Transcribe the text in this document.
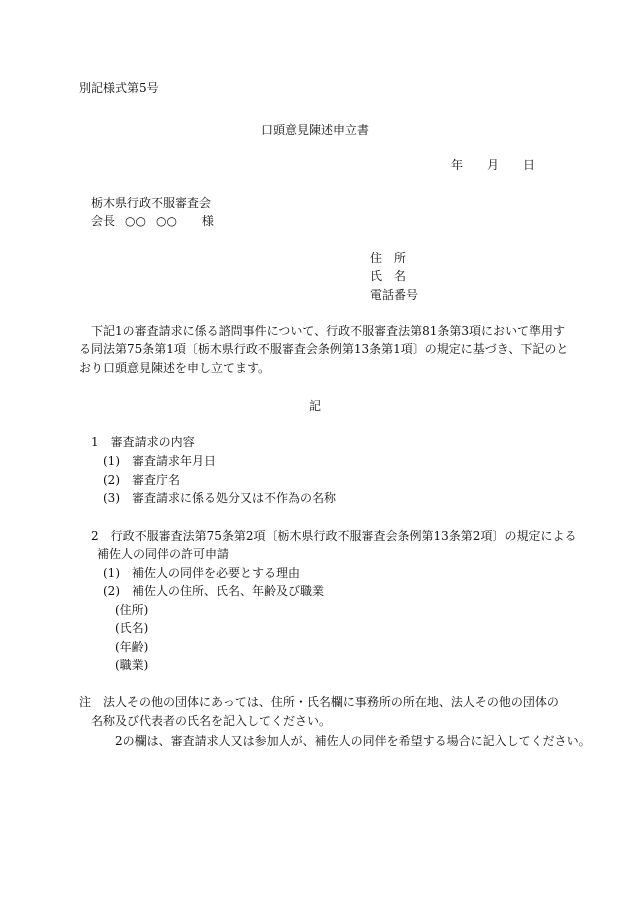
別記様式第5号
口頭意見陳述申立書
年 月 日
栃木県行政不服審査会
会長 ○○ ○○ 様
住　所
氏　名
電話番号
下記1の審査請求に係る諮問事件について、行政不服審査法第81条第3項において準用す
る同法第75条第1項〔栃木県行政不服審査会条例第13条第1項〕の規定に基づき、下記のと
おり口頭意見陳述を申し立てます。
記
1　審査請求の内容
(1) 審査請求年月日
(2) 審査庁名
(3) 審査請求に係る処分又は不作為の名称
2　行政不服審査法第75条第2項〔栃木県行政不服審査会条例第13条第2項〕の規定による
補佐人の同伴の許可申請
(1) 補佐人の同伴を必要とする理由
(2) 補佐人の住所、氏名、年齢及び職業
(住所)
(氏名)
(年齢)
(職業)
注 法人その他の団体にあっては、住所・氏名欄に事務所の所在地、法人その他の団体の
名称及び代表者の氏名を記入してください。
2の欄は、審査請求人又は参加人が、補佐人の同伴を希望する場合に記入してください。
